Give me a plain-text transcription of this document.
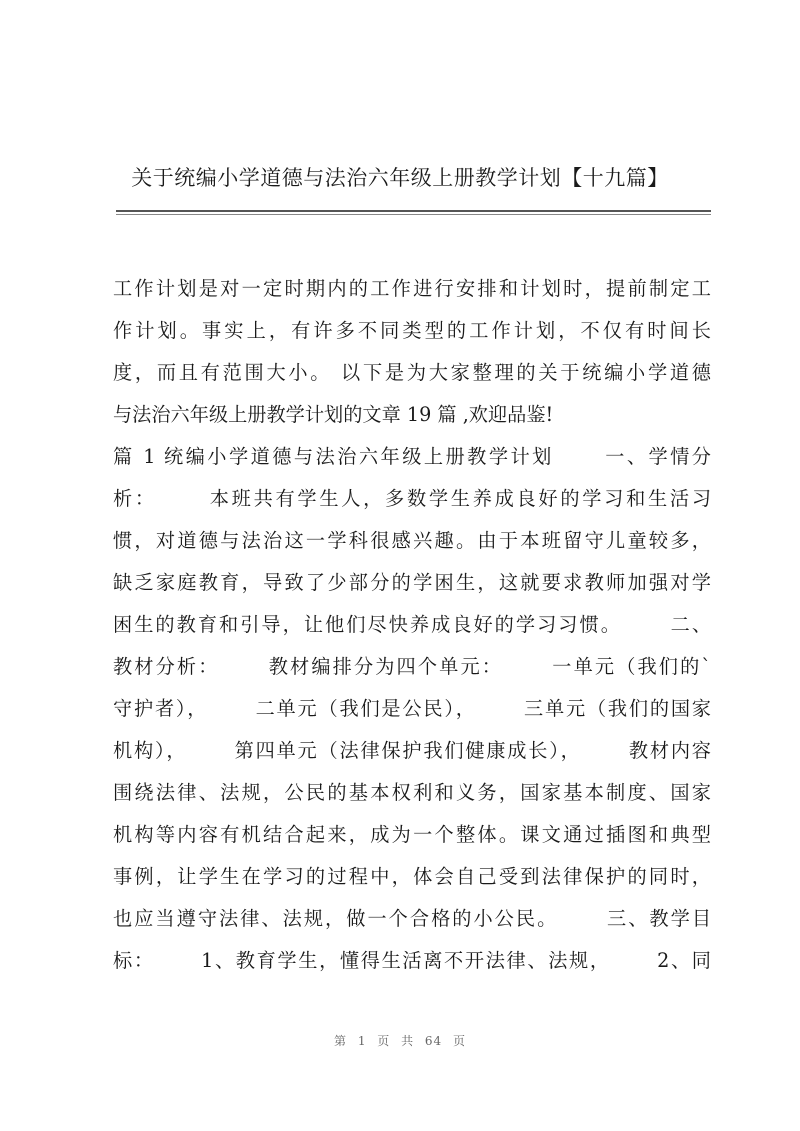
关于统编小学道德与法治六年级上册教学计划【十九篇】
工作计划是对一定时期内的工作进行安排和计划时，提前制定工
作计划。事实上，有许多不同类型的工作计划，不仅有时间长
度，而且有范围大小。 以下是为大家整理的关于统编小学道德
与法治六年级上册教学计划的文章 19 篇 ,欢迎品鉴!
篇 1 统编小学道德与法治六年级上册教学计划      一、学情分
析：      本班共有学生人，多数学生养成良好的学习和生活习
惯，对道德与法治这一学科很感兴趣。由于本班留守儿童较多，
缺乏家庭教育，导致了少部分的学困生，这就要求教师加强对学
困生的教育和引导，让他们尽快养成良好的学习习惯。      二、
教材分析：      教材编排分为四个单元：      一单元（我们的`
守护者），      二单元（我们是公民），      三单元（我们的国家
机构），      第四单元（法律保护我们健康成长），      教材内容
围绕法律、法规，公民的基本权利和义务，国家基本制度、国家
机构等内容有机结合起来，成为一个整体。课文通过插图和典型
事例，让学生在学习的过程中，体会自己受到法律保护的同时，
也应当遵守法律、法规，做一个合格的小公民。      三、教学目
标：      1、教育学生，懂得生活离不开法律、法规，      2、同
第 1 页 共 64 页
